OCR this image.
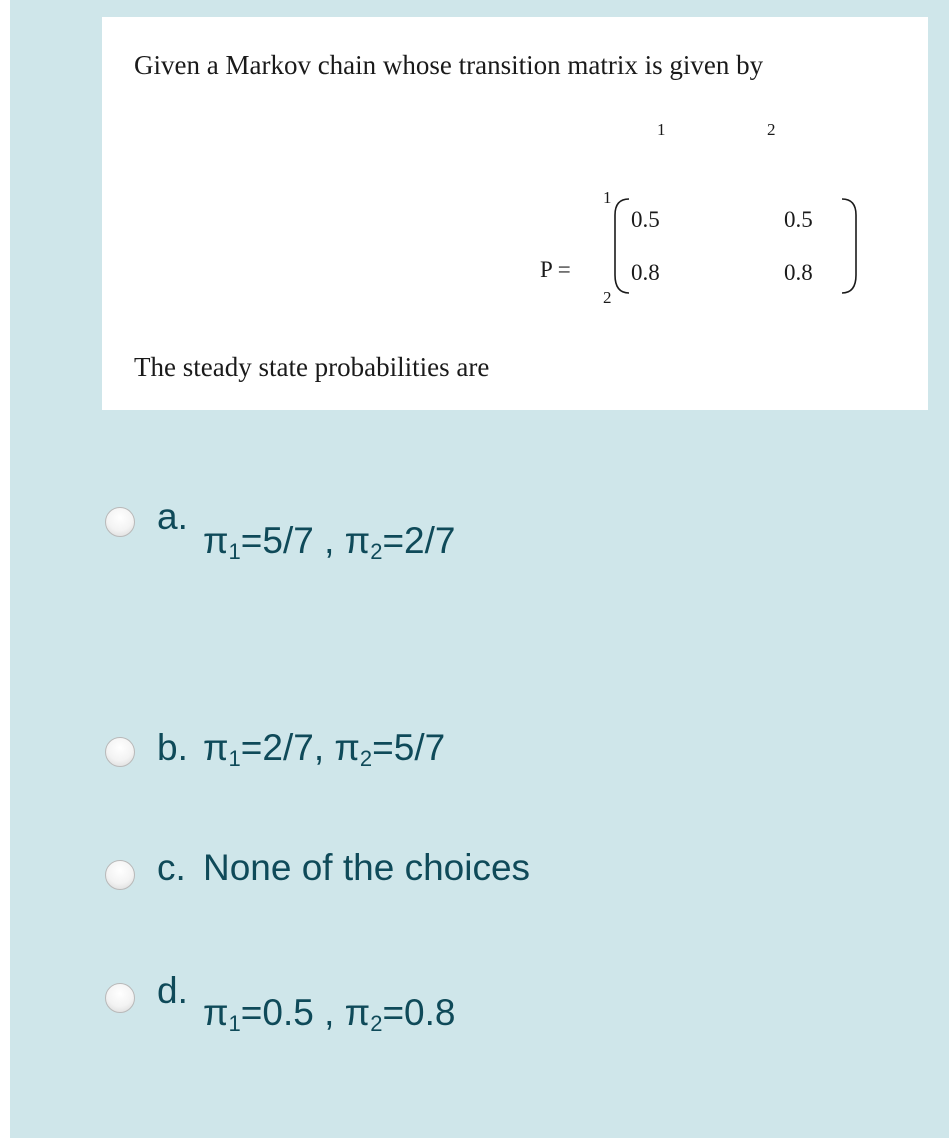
Given a Markov chain whose transition matrix is given by
P =
1	2
1
2
0.5	0.5
0.8	0.8
The steady state probabilities are
a.
$\pi_1=5/7$ , $\pi_2=2/7$
b. $\pi_1=2/7$, $\pi_2=5/7$
c. None of the choices
d.
$\pi_1=0.5$ , $\pi_2=0.8$
